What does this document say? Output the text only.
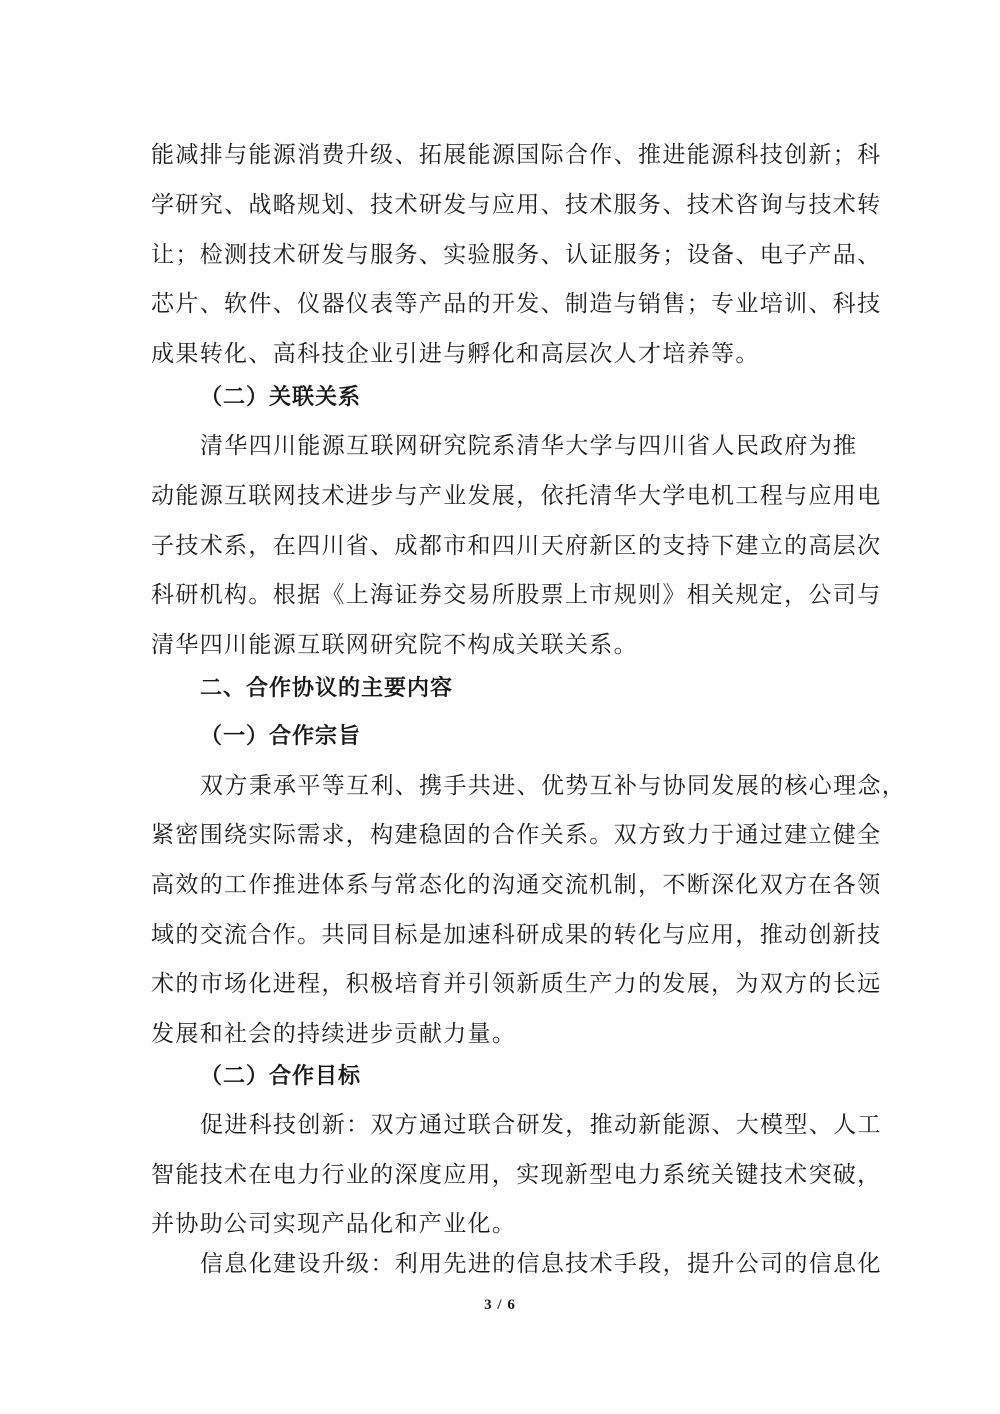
能减排与能源消费升级、拓展能源国际合作、推进能源科技创新；科
学研究、战略规划、技术研发与应用、技术服务、技术咨询与技术转
让；检测技术研发与服务、实验服务、认证服务；设备、电子产品、
芯片、软件、仪器仪表等产品的开发、制造与销售；专业培训、科技
成果转化、高科技企业引进与孵化和高层次人才培养等。
（二）关联关系
清华四川能源互联网研究院系清华大学与四川省人民政府为推
动能源互联网技术进步与产业发展，依托清华大学电机工程与应用电
子技术系，在四川省、成都市和四川天府新区的支持下建立的高层次
科研机构。根据《上海证券交易所股票上市规则》相关规定，公司与
清华四川能源互联网研究院不构成关联关系。
二、合作协议的主要内容
（一）合作宗旨
双方秉承平等互利、携手共进、优势互补与协同发展的核心理念，
紧密围绕实际需求，构建稳固的合作关系。双方致力于通过建立健全
高效的工作推进体系与常态化的沟通交流机制，不断深化双方在各领
域的交流合作。共同目标是加速科研成果的转化与应用，推动创新技
术的市场化进程，积极培育并引领新质生产力的发展，为双方的长远
发展和社会的持续进步贡献力量。
（二）合作目标
促进科技创新：双方通过联合研发，推动新能源、大模型、人工
智能技术在电力行业的深度应用，实现新型电力系统关键技术突破，
并协助公司实现产品化和产业化。
信息化建设升级：利用先进的信息技术手段，提升公司的信息化
3 / 6
